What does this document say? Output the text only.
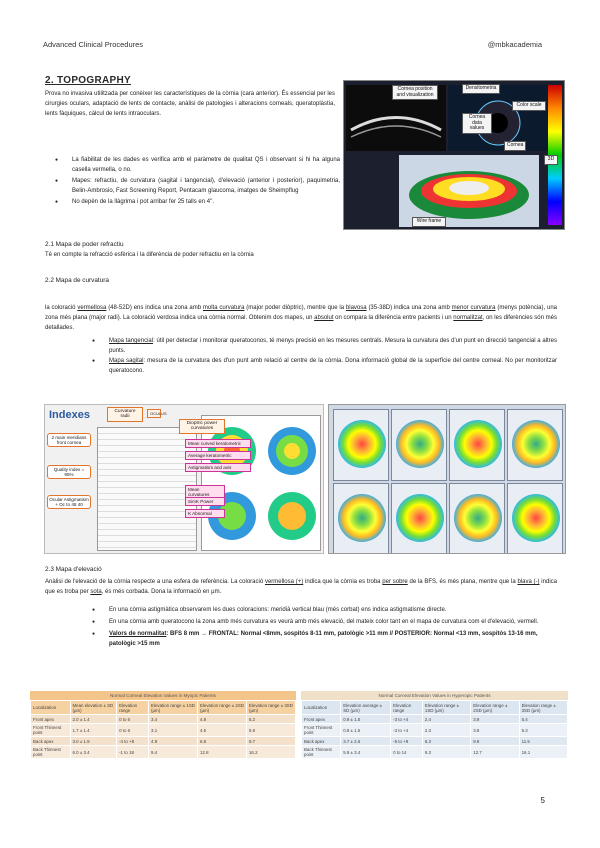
Advanced Clinical Procedures	@mbkacademia
2. TOPOGRAPHY

Prova no invasiva utilitzada per conèixer les característiques de la còrnia (cara anterior). És essencial per les cirurgies oculars, adaptació de lents de contacte, anàlisi de patologies i alteracions corneals, queratoplàstia, lents fàquiques, càlcul de lents intraoculars.

● La fiabilitat de les dades es verifica amb el paràmetre de qualitat QS i observant si hi ha alguna casella vermella, o no.
● Mapes: refractiu, de curvatura (sagital i tangencial), d'elevació (anterior i posterior), paquimetria, Belin-Ambrosio, Fast Screening Report, Pentacam glaucoma, imatges de Sheimpflug
● No depèn de la llàgrima i pot arribar fer 25 talls en 4''.
Cornea position and visualization
Densitometria
Cornea data values
Color scale
Cornea
3D
Wire frame
2.1 Mapa de poder refractiu
Té en compte la refracció esfèrica i la diferència de poder refractiu en la còrnia
2.2 Mapa de curvatura

la coloració vermellosa (48-52D) ens indica una zona amb molta curvatura (major poder diòptric), mentre que la blavosa (35-38D) indica una zona amb menor curvatura (menys potència), una zona més plana (major radi). La coloració verdosa indica una còrnia normal. Obtenim dos mapes, un absolut on compara la diferència entre pacients i un normalitzat, on les diferències són més detallades.

● Mapa tangencial: útil per detectar i monitorar queratoconos, té menys precisió en les mesures centrals. Mesura la curvatura des d'un punt en direcció tangencial a altres punts.
● Mapa sagital: mesura de la curvatura des d'un punt amb relació al centre de la còrnia. Dona informació global de la superfície del centre corneal. No per monitoritzar queratocono.
Indexes
2 main meridians front cornea
Quality index = 95%
Ocular Astigmatism + Oc to 45 40
Curvature radii
OCULUS
Dioptric power curvatures
Mean curved keratometric
Average keratometric
Astigmatism and axis
Mean curvatures
SimK Power
K Abnormal
2.3 Mapa d'elevació

Anàlisi de l'elevació de la còrnia respecte a una esfera de referència. La coloració vermellosa (+) indica que la còrnia es troba per sobre de la BFS, és més plana, mentre que la blava (-) indica que es troba per sota, és més corbada. Dona la informació en μm.

● En una còrnia astigmàtica observarem les dues coloracions: meridià vertical blau (més corbat) ens indica astigmatisme directe.
● En una còrnia amb queratocono la zona amb més curvatura es veurà amb més elevació, del mateix color tant en el mapa de curvatura com el d'elevació, vermell.
● Valors de normalitat: BFS 8 mm → FRONTAL: Normal <8mm, sospitós 8-11 mm, patològic >11 mm // POSTERIOR: Normal <13 mm, sospitós 13-16 mm, patològic >15 mm
Normal Corneal Elevation Values in Myopic Patients
Localization	Mean elevation ± SD (µm)	Elevation range	Elevation range ± 1SD (µm)	Elevation range ± 2SD (µm)	Elevation range ± 3SD (µm)
Front apex	2.0 ± 1.4	0 to 6	3.4	4.8	6.2
Front Thinnest point	1.7 ± 1.4	0 to 6	3.1	4.5	5.9
Back apex	3.0 ± 1.9	-4 to +8	4.9	6.8	8.7
Back Thinnest point	6.0 ± 3.4	-1 to 18	9.4	12.8	16.2
Normal Corneal Elevation Values in Hyperopic Patients
Localization	Elevation average ± SD (µm)	Elevation range	Elevation range ± 1SD (µm)	Elevation range ± 2SD (µm)	Elevation range ± 3SD (µm)
Front apex	0.9 ± 1.5	-3 to +4	2.4	3.9	5.4
Front Thinnest point	0.8 ± 1.5	-3 to +4	2.3	3.8	5.3
Back apex	3.7 ± 2.6	-5 to +9	6.3	8.9	11.5
Back Thinnest point	5.9 ± 3.4	0 to 14	9.3	12.7	16.1
5
